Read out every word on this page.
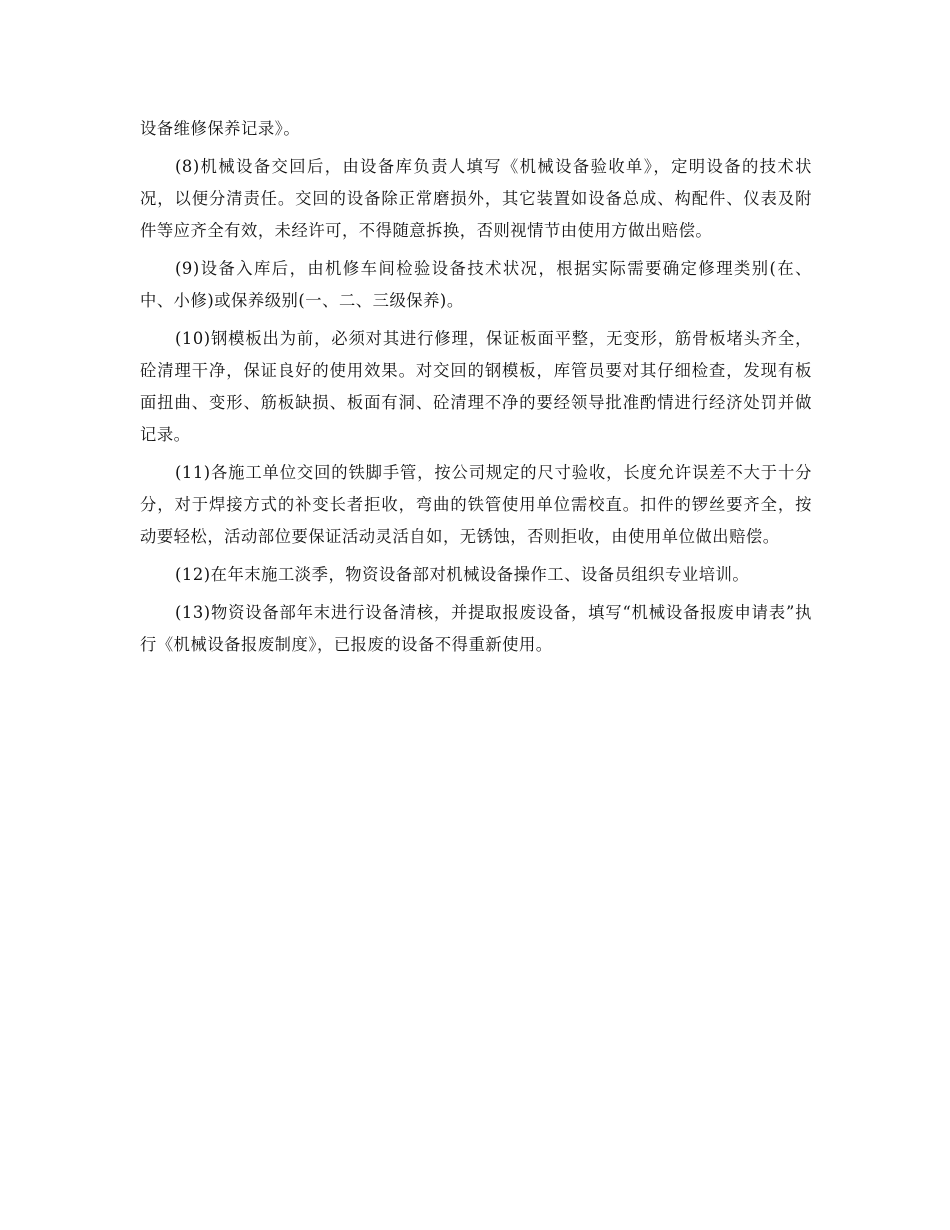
设备维修保养记录》。

(8)机械设备交回后，由设备库负责人填写《机械设备验收单》，定明设备的技术状况，以便分清责任。交回的设备除正常磨损外，其它装置如设备总成、构配件、仪表及附件等应齐全有效，未经许可，不得随意拆换，否则视情节由使用方做出赔偿。

(9)设备入库后，由机修车间检验设备技术状况，根据实际需要确定修理类别(在、中、小修)或保养级别(一、二、三级保养)。

(10)钢模板出为前，必须对其进行修理，保证板面平整，无变形，筋骨板堵头齐全，砼清理干净，保证良好的使用效果。对交回的钢模板，库管员要对其仔细检查，发现有板面扭曲、变形、筋板缺损、板面有洞、砼清理不净的要经领导批准酌情进行经济处罚并做记录。

(11)各施工单位交回的铁脚手管，按公司规定的尺寸验收，长度允许误差不大于十分分，对于焊接方式的补变长者拒收，弯曲的铁管使用单位需校直。扣件的锣丝要齐全，按动要轻松，活动部位要保证活动灵活自如，无锈蚀，否则拒收，由使用单位做出赔偿。

(12)在年末施工淡季，物资设备部对机械设备操作工、设备员组织专业培训。

(13)物资设备部年末进行设备清核，并提取报废设备，填写“机械设备报废申请表”执行《机械设备报废制度》，已报废的设备不得重新使用。
